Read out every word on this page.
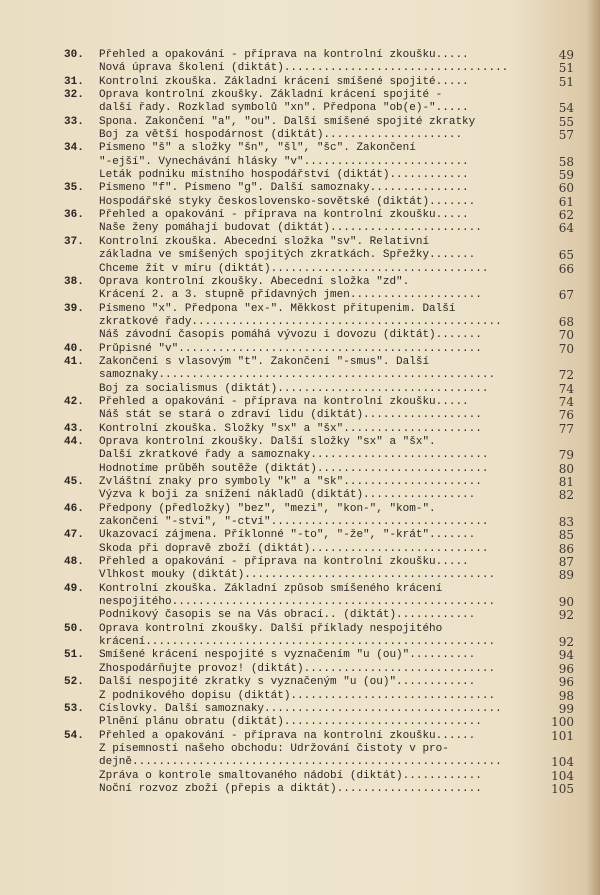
30.	Přehled a opakování - příprava na kontrolní zkoušku.....	49
Nová úprava školení (diktát)..................................	51
31.	Kontrolní zkouška. Základní krácení smíšené spojité.....	51
32.	Oprava kontrolní zkoušky. Základní krácení spojité -
další řady. Rozklad symbolů "xn". Předpona "ob(e)-".....	54
33.	Spona. Zakončení "a", "ou". Další smíšené spojité zkratky	55
Boj za větší hospodárnost (diktát).....................	57
34.	Písmeno "š" a složky "šn", "šl", "šc". Zakončení
"-ejší". Vynechávání hlásky "v".........................	58
Leták podniku místního hospodářství (diktát)............	59
35.	Písmeno "f". Písmeno "g". Další samoznaky...............	60
Hospodářské styky československo-sovětské (diktát).......	61
36.	Přehled a opakování - příprava na kontrolní zkoušku.....	62
Naše ženy pomáhají budovat (diktát).......................	64
37.	Kontrolní zkouška. Abecední složka "sv". Relativní
základna ve smíšených spojitých zkratkách. Spřežky.......	65
Chceme žít v míru (diktát).................................	66
38.	Oprava kontrolní zkoušky. Abecední složka "zd".
Krácení 2. a 3. stupně přídavných jmen....................	67
39.	Písmeno "x". Předpona "ex-". Měkkost přitupenim. Další
zkratkové řady...............................................	68
Náš závodní časopis pomáhá vývozu i dovozu (diktát).......	70
40.	Průpisné "v"..............................................	70
41.	Zakončení s vlasovým "t". Zakončení "-smus". Další
samoznaky...................................................	72
Boj za socialismus (diktát)................................	74
42.	Přehled a opakování - příprava na kontrolní zkoušku.....	74
Náš stát se stará o zdraví lidu (diktát)..................	76
43.	Kontrolní zkouška. Složky "sx" a "šx".....................	77
44.	Oprava kontrolní zkoušky. Další složky "sx" a "šx".
Další zkratkové řady a samoznaky...........................	79
Hodnotíme průběh soutěže (diktát)..........................	80
45.	Zvláštní znaky pro symboly "k" a "sk".....................	81
Výzva k boji za snížení nákladů (diktát).................	82
46.	Předpony (předložky) "bez", "mezi", "kon-", "kom-".
zakončení "-stvi", "-ctví".................................	83
47.	Ukazovací zájmena. Příklonné "-to", "-že", "-krát".......	85
Škoda při dopravě zboží (diktát)...........................	86
48.	Přehled a opakování - příprava na kontrolní zkoušku.....	87
Vlhkost mouky (diktát)......................................	89
49.	Kontrolní zkouška. Základní způsob smíšeného krácení
nespojitého.................................................	90
Podnikový časopis se na Vás obrací.. (diktát)............	92
50.	Oprava kontrolní zkoušky. Další příklady nespojitého
krácení.....................................................	92
51.	Smíšené krácení nespojité s vyznačením "u (ou)"..........	94
Zhospodárňujte provoz! (diktát).............................	96
52.	Další nespojité zkratky s vyznačeným "u (ou)"............	96
Z podnikového dopisu (diktát)...............................	98
53.	Číslovky. Další samoznaky....................................	99
Plnění plánu obratu (diktát)..............................	100
54.	Přehled a opakování - příprava na kontrolní zkoušku......	101
Z písemností našeho obchodu: Udržování čistoty v pro-
dejně........................................................	104
Zpráva o kontrole smaltovaného nádobí (diktát)............	104
Noční rozvoz zboží (přepis a diktát)......................	105
